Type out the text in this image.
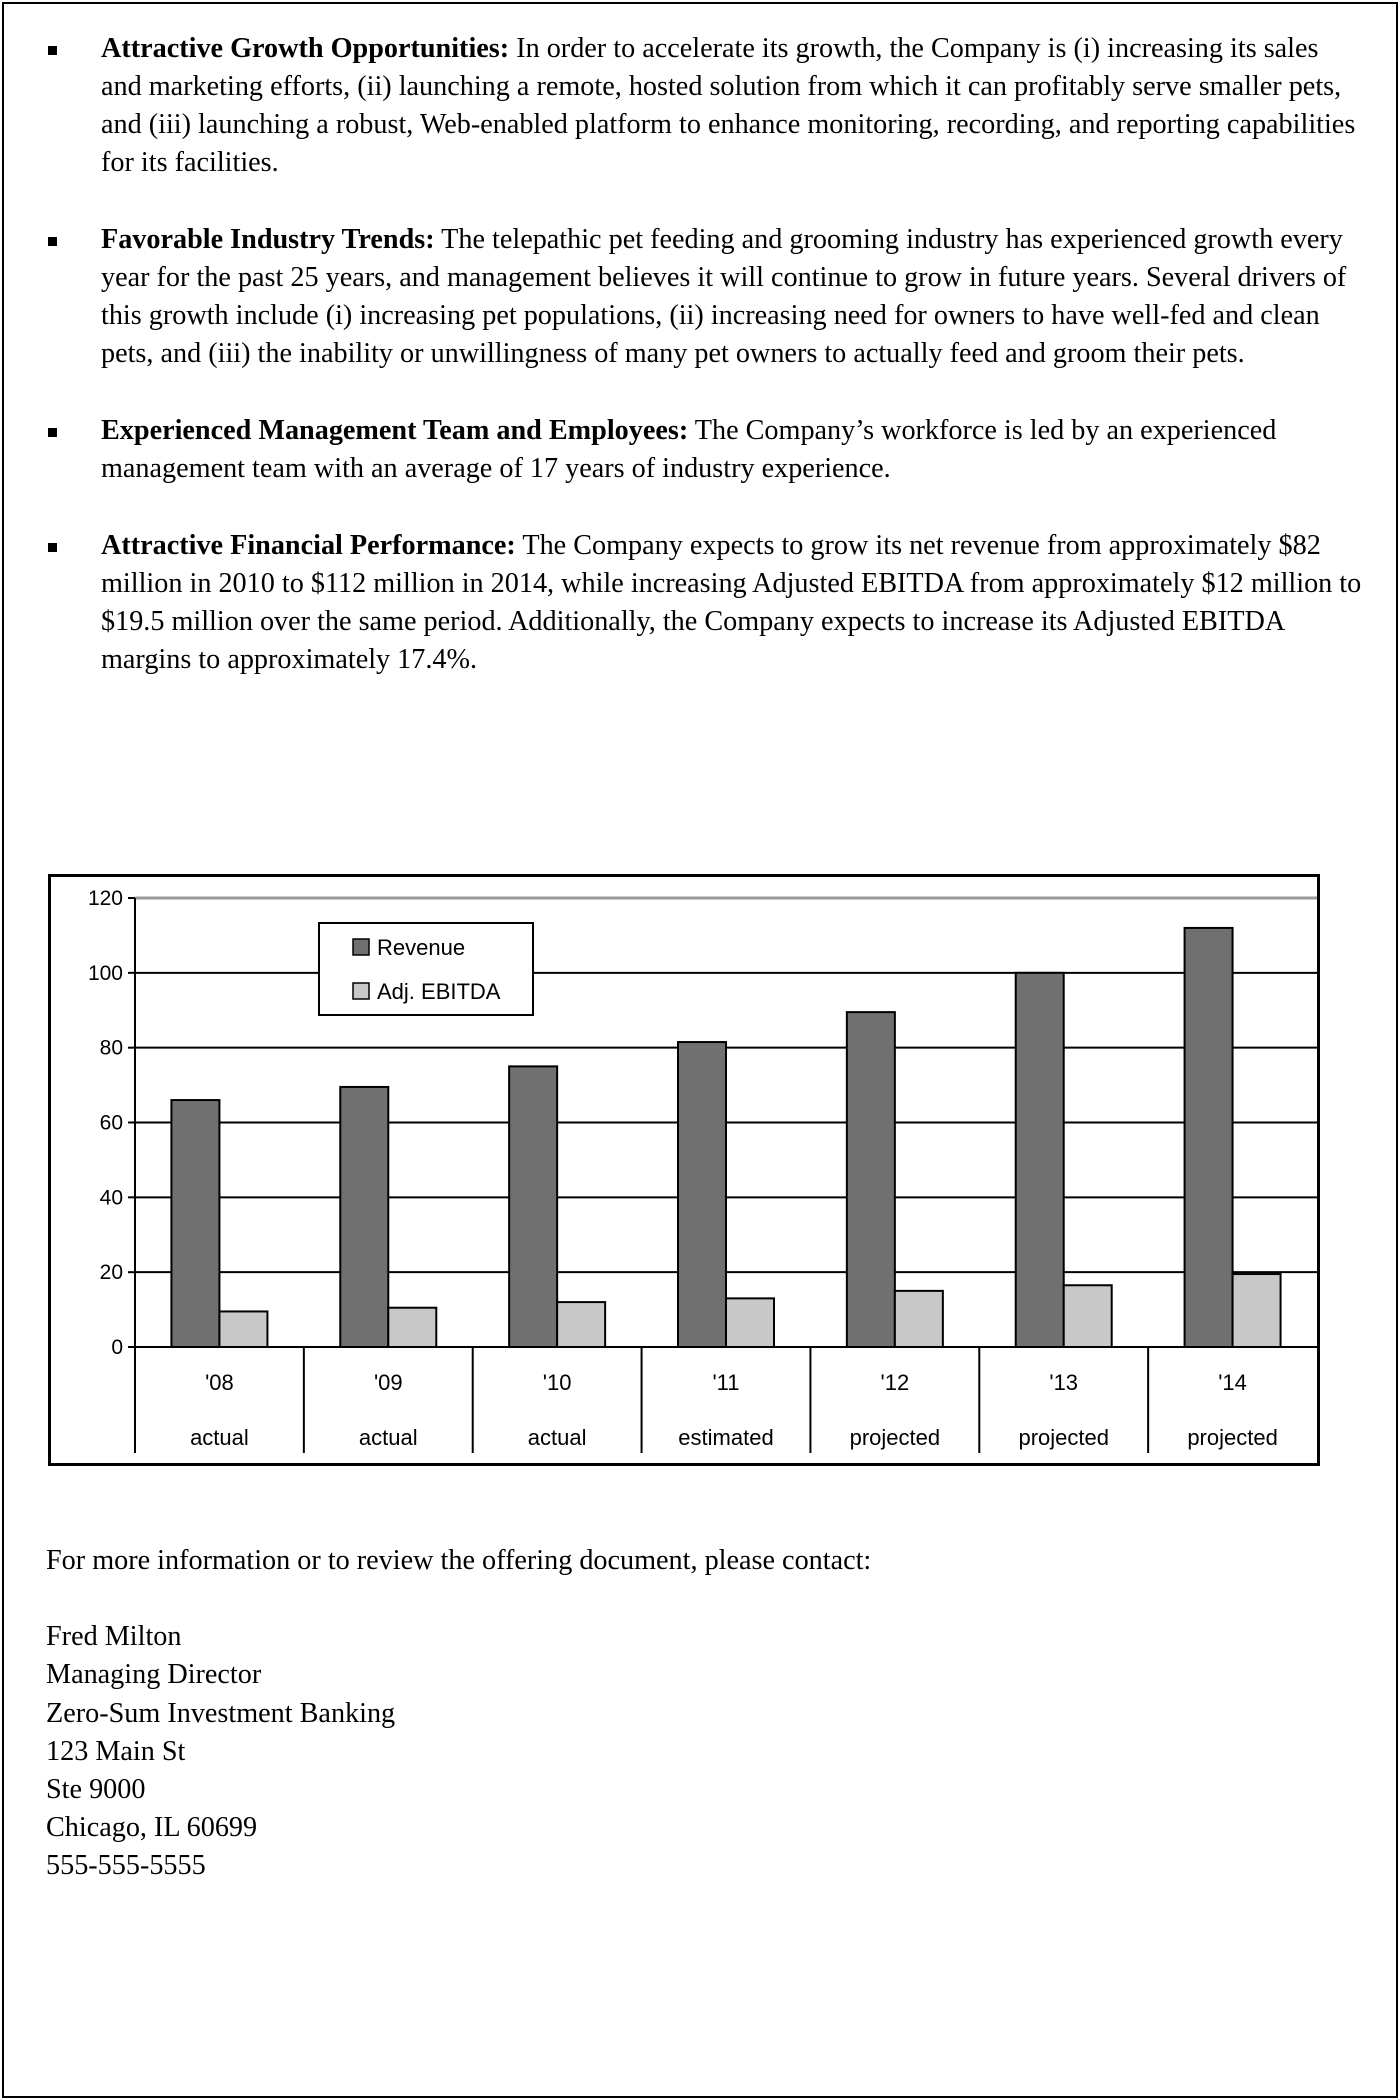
Attractive Growth Opportunities: In order to accelerate its growth, the Company is (i) increasing its sales and marketing efforts, (ii) launching a remote, hosted solution from which it can profitably serve smaller pets, and (iii) launching a robust, Web-enabled platform to enhance monitoring, recording, and reporting capabilities for its facilities.
Favorable Industry Trends: The telepathic pet feeding and grooming industry has experienced growth every year for the past 25 years, and management believes it will continue to grow in future years. Several drivers of this growth include (i) increasing pet populations, (ii) increasing need for owners to have well-fed and clean pets, and (iii) the inability or unwillingness of many pet owners to actually feed and groom their pets.
Experienced Management Team and Employees: The Company’s workforce is led by an experienced management team with an average of 17 years of industry experience.
Attractive Financial Performance: The Company expects to grow its net revenue from approximately $82 million in 2010 to $112 million in 2014, while increasing Adjusted EBITDA from approximately $12 million to $19.5 million over the same period. Additionally, the Company expects to increase its Adjusted EBITDA margins to approximately 17.4%.
0
20
40
60
80
100
120
'08
actual
'09
actual
'10
actual
'11
estimated
'12
projected
'13
projected
'14
projected
Revenue
Adj. EBITDA
For more information or to review the offering document, please contact:
Fred Milton
Managing Director
Zero-Sum Investment Banking
123 Main St
Ste 9000
Chicago, IL 60699
555-555-5555
